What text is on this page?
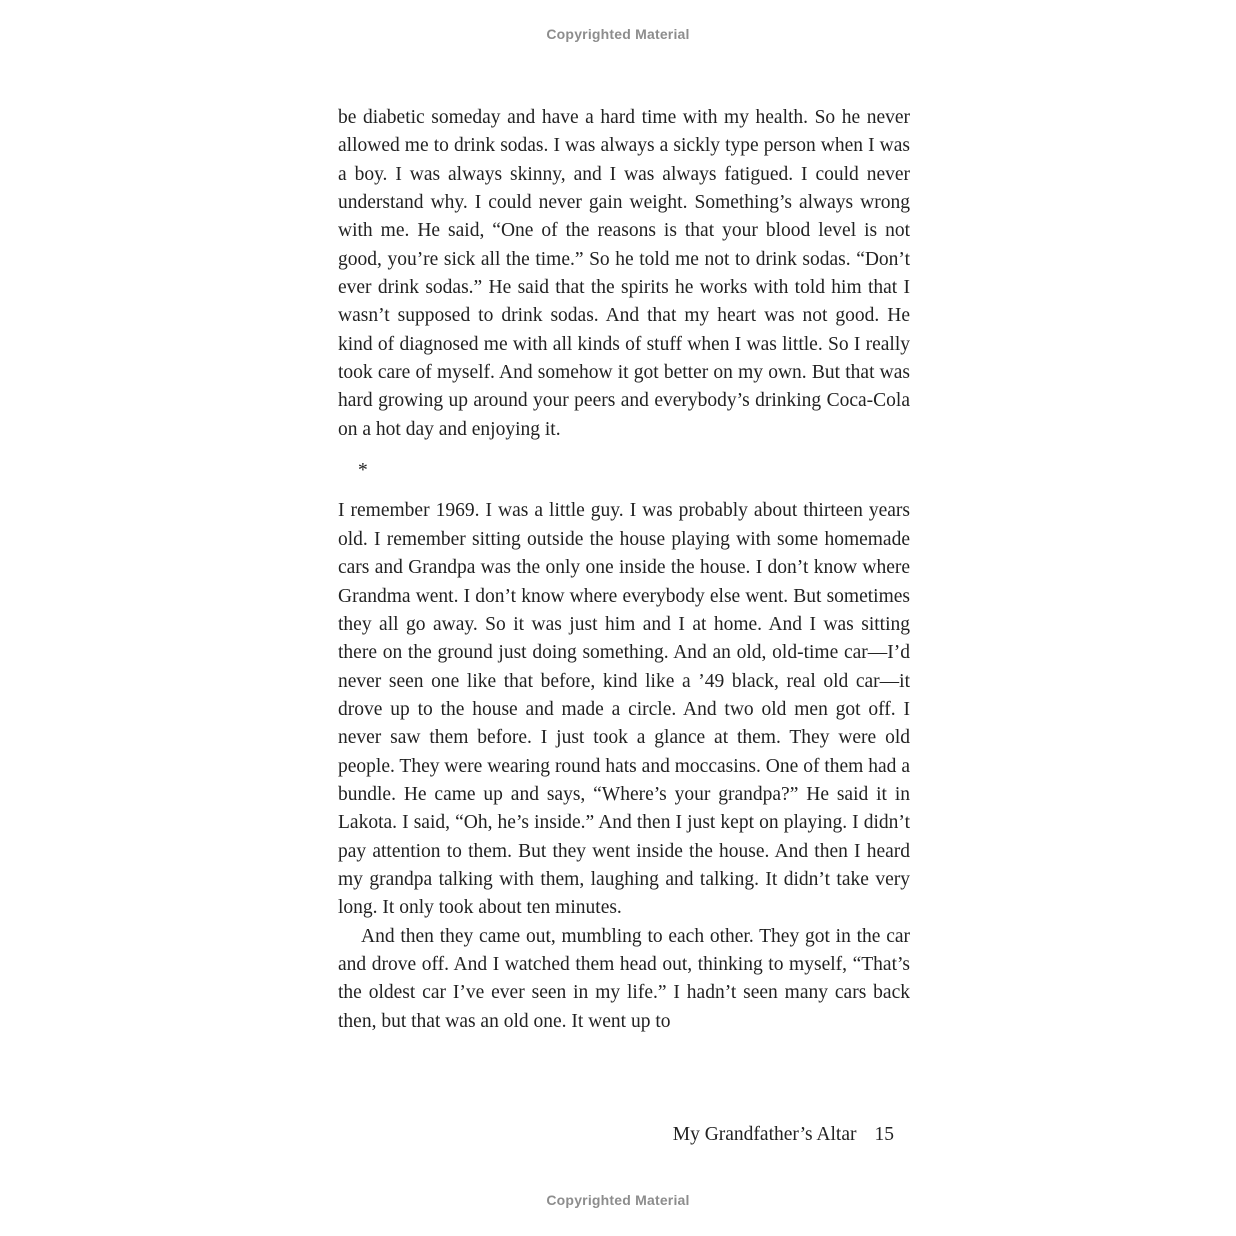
Copyrighted Material

be diabetic someday and have a hard time with my health. So he never allowed me to drink sodas. I was always a sickly type person when I was a boy. I was always skinny, and I was always fatigued. I could never understand why. I could never gain weight. Something’s always wrong with me. He said, “One of the reasons is that your blood level is not good, you’re sick all the time.” So he told me not to drink sodas. “Don’t ever drink sodas.” He said that the spirits he works with told him that I wasn’t supposed to drink sodas. And that my heart was not good. He kind of diagnosed me with all kinds of stuff when I was little. So I really took care of myself. And somehow it got better on my own. But that was hard growing up around your peers and everybody’s drinking Coca-Cola on a hot day and enjoying it.

*

I remember 1969. I was a little guy. I was probably about thirteen years old. I remember sitting outside the house playing with some homemade cars and Grandpa was the only one inside the house. I don’t know where Grandma went. I don’t know where everybody else went. But sometimes they all go away. So it was just him and I at home. And I was sitting there on the ground just doing something. And an old, old-time car—I’d never seen one like that before, kind like a ’49 black, real old car—it drove up to the house and made a circle. And two old men got off. I never saw them before. I just took a glance at them. They were old people. They were wearing round hats and moccasins. One of them had a bundle. He came up and says, “Where’s your grandpa?” He said it in Lakota. I said, “Oh, he’s inside.” And then I just kept on playing. I didn’t pay attention to them. But they went inside the house. And then I heard my grandpa talking with them, laughing and talking. It didn’t take very long. It only took about ten minutes.

And then they came out, mumbling to each other. They got in the car and drove off. And I watched them head out, thinking to myself, “That’s the oldest car I’ve ever seen in my life.” I hadn’t seen many cars back then, but that was an old one. It went up to

My Grandfather’s Altar 15
Copyrighted Material
